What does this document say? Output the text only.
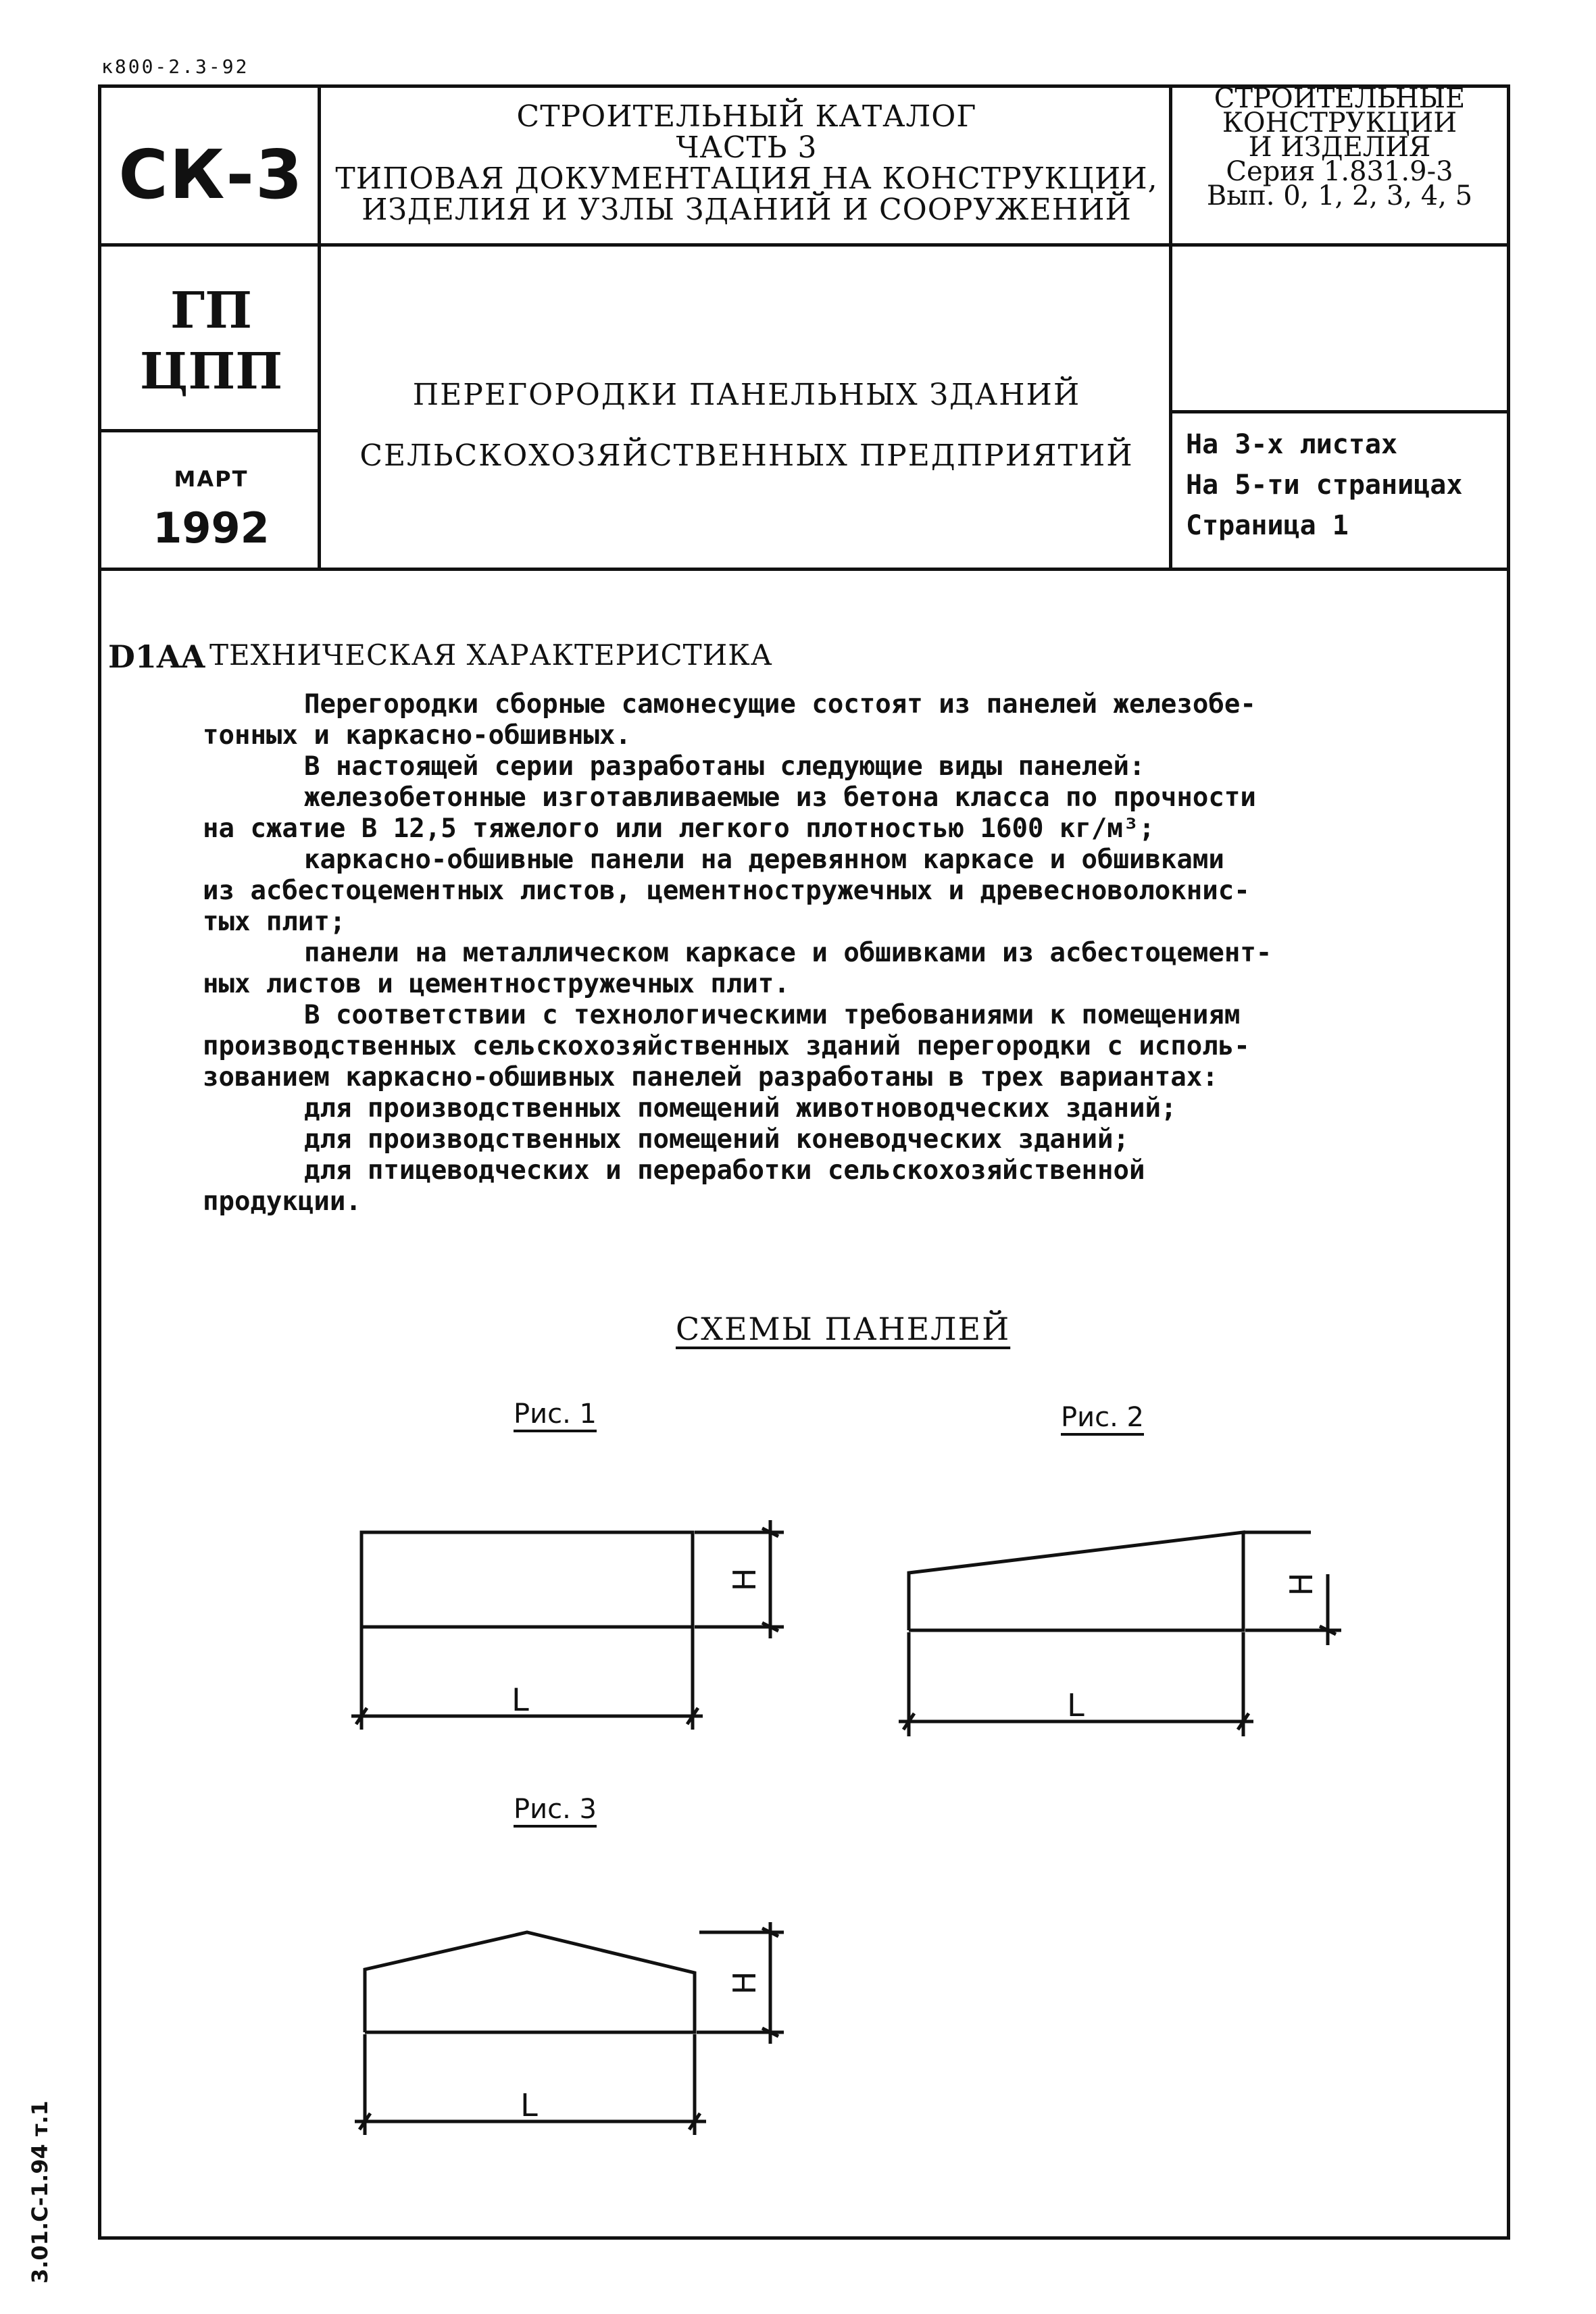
к800-2.3-92
СК-3
СТРОИТЕЛЬНЫЙ КАТАЛОГ
ЧАСТЬ 3
ТИПОВАЯ ДОКУМЕНТАЦИЯ НА КОНСТРУКЦИИ,
ИЗДЕЛИЯ И УЗЛЫ ЗДАНИЙ И СООРУЖЕНИЙ
СТРОИТЕЛЬНЫЕ
КОНСТРУКЦИИ
И ИЗДЕЛИЯ
Серия 1.831.9-3
Вып. 0, 1, 2, 3, 4, 5
ГП
ЦПП
МАРТ
1992
ПЕРЕГОРОДКИ ПАНЕЛЬНЫХ ЗДАНИЙ
СЕЛЬСКОХОЗЯЙСТВЕННЫХ ПРЕДПРИЯТИЙ	На 3-х листах
На 5-ти страницах
Страница 1
D1AA ТЕХНИЧЕСКАЯ ХАРАКТЕРИСТИКА
Перегородки сборные самонесущие состоят из панелей железобе-
тонных и каркасно-обшивных.
В настоящей серии разработаны следующие виды панелей:
железобетонные изготавливаемые из бетона класса по прочности
на сжатие В 12,5 тяжелого или легкого плотностью 1600 кг/м³;
каркасно-обшивные панели на деревянном каркасе и обшивками
из асбестоцементных листов, цементностружечных и древесноволокнис-
тых плит;
панели на металлическом каркасе и обшивками из асбестоцемент-
ных листов и цементностружечных плит.
В соответствии с технологическими требованиями к помещениям
производственных сельскохозяйственных зданий перегородки с исполь-
зованием каркасно-обшивных панелей разработаны в трех вариантах:
для производственных помещений животноводческих зданий;
для производственных помещений коневодческих зданий;
для птицеводческих и переработки сельскохозяйственной
продукции.
СХЕМЫ ПАНЕЛЕЙ
Рис. 1	Рис. 2
Рис. 3
Н
L
Н
L
Н
L
3.01.С-1.94 т.1
